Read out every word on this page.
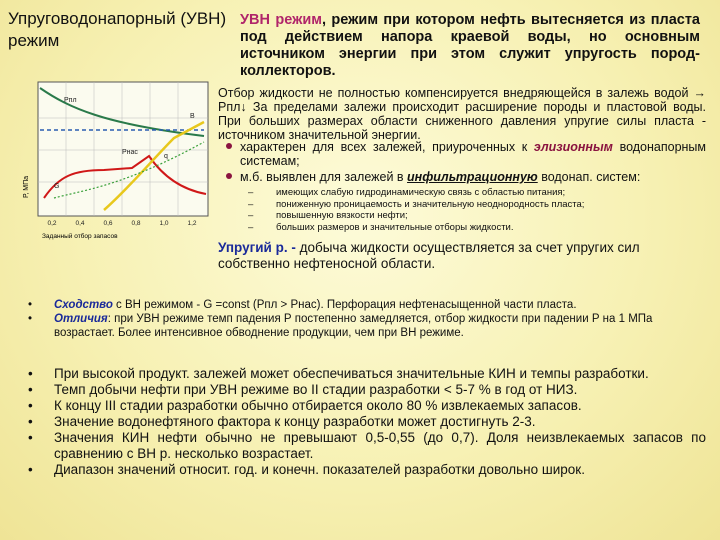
Упруговодонапорный (УВН) режим
УВН режим, режим при котором нефть вытесняется из пласта под действием напора краевой воды, но основным источником энергии при этом служит упругость пород-коллекторов.
Р, МПа
Рпл
Рнас
q
В
G
0,2	0,4	0,6	0,8	1,0	1,2
Заданный отбор запасов
Отбор жидкости не полностью компенсируется внедряющейся в залежь водой → Pпл↓ За пределами залежи происходит расширение породы и пластовой воды. При больших размерах области сниженного давления упругие силы пласта - источником значительной энергии.
характерен для всех залежей, приуроченных к элизионным водонапорным системам;
м.б. выявлен для залежей в инфильтрационную водонап. систем:
– имеющих слабую гидродинамическую связь с областью питания;
– пониженную проницаемость и значительную неоднородность пласта;
– повышенную вязкости нефти;
– больших размеров и значительные отборы жидкости.
Упругий р. - добыча жидкости осуществляется за счет упругих сил собственно нефтеносной области.
• Сходство с ВН режимом - G =const (Pпл > Pнас). Перфорация нефтенасыщенной части пласта.
• Отличия: при УВН режиме темп падения Р постепенно замедляется, отбор жидкости при падении Р на 1 МПа возрастает. Более интенсивное обводнение продукции, чем при ВН режиме.
• При высокой продукт. залежей может обеспечиваться значительные КИН и темпы разработки.
• Темп добычи нефти при УВН режиме во II стадии разработки < 5-7 % в год от НИЗ.
• К концу III стадии разработки обычно отбирается около 80 % извлекаемых запасов.
• Значение водонефтяного фактора к концу разработки может достигнуть 2-3.
• Значения КИН нефти обычно не превышают 0,5-0,55 (до 0,7). Доля неизвлекаемых запасов по сравнению с ВН р. несколько возрастает.
• Диапазон значений относит. год. и конечн. показателей разработки довольно широк.
